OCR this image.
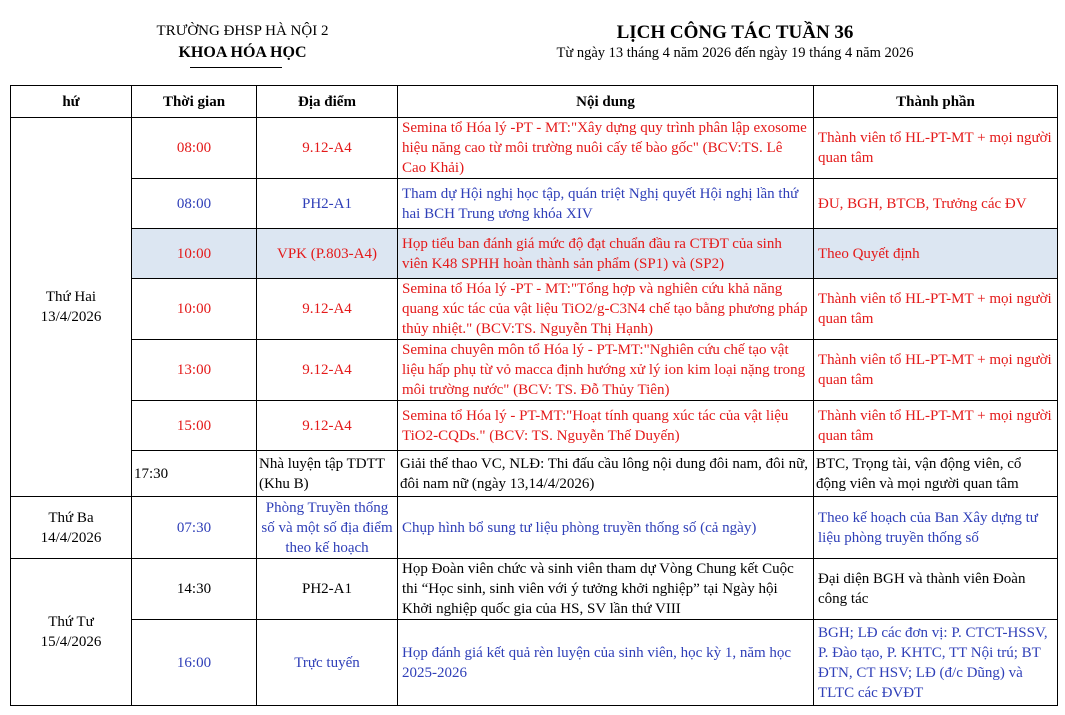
TRƯỜNG ĐHSP HÀ NỘI 2
KHOA HÓA HỌC
LỊCH CÔNG TÁC TUẦN 36
Từ ngày 13 tháng 4 năm 2026 đến ngày 19 tháng 4 năm 2026
hứ	Thời gian	Địa điểm	Nội dung	Thành phần
Thứ Hai
13/4/2026	08:00	9.12-A4	Semina tổ Hóa lý -PT - MT:"Xây dựng quy trình phân lập exosome hiệu năng cao từ môi trường nuôi cấy tế bào gốc" (BCV:TS. Lê Cao Khải)	Thành viên tổ HL-PT-MT + mọi người quan tâm
	08:00	PH2-A1	Tham dự Hội nghị học tập, quán triệt Nghị quyết Hội nghị lần thứ hai BCH Trung ương khóa XIV	ĐU, BGH, BTCB, Trưởng các ĐV
	10:00	VPK (P.803-A4)	Họp tiểu ban đánh giá mức độ đạt chuẩn đầu ra CTĐT của sinh viên K48 SPHH hoàn thành sản phẩm (SP1) và (SP2)	Theo Quyết định
	10:00	9.12-A4	Semina tổ Hóa lý -PT - MT:"Tổng hợp và nghiên cứu khả năng quang xúc tác của vật liệu TiO2/g-C3N4 chế tạo bằng phương pháp thủy nhiệt." (BCV:TS. Nguyễn Thị Hạnh)	Thành viên tổ HL-PT-MT + mọi người quan tâm
	13:00	9.12-A4	Semina chuyên môn tổ Hóa lý - PT-MT:"Nghiên cứu chế tạo vật liệu hấp phụ từ vỏ macca định hướng xử lý ion kim loại nặng trong môi trường nước" (BCV: TS. Đỗ Thủy Tiên)	Thành viên tổ HL-PT-MT + mọi người quan tâm
	15:00	9.12-A4	Semina tổ Hóa lý - PT-MT:"Hoạt tính quang xúc tác của vật liệu TiO2-CQDs." (BCV: TS. Nguyễn Thế Duyến)	Thành viên tổ HL-PT-MT + mọi người quan tâm
	17:30	Nhà luyện tập TDTT (Khu B)	Giải thể thao VC, NLĐ: Thi đấu cầu lông nội dung đôi nam, đôi nữ, đôi nam nữ (ngày 13,14/4/2026)	BTC, Trọng tài, vận động viên, cổ động viên và mọi người quan tâm
Thứ Ba
14/4/2026	07:30	Phòng Truyền thống số và một số địa điểm theo kế hoạch	Chụp hình bổ sung tư liệu phòng truyền thống số (cả ngày)	Theo kế hoạch của Ban Xây dựng tư liệu phòng truyền thống số
Thứ Tư
15/4/2026	14:30	PH2-A1	Họp Đoàn viên chức và sinh viên tham dự Vòng Chung kết Cuộc thi “Học sinh, sinh viên với ý tưởng khởi nghiệp” tại Ngày hội Khởi nghiệp quốc gia của HS, SV lần thứ VIII	Đại diện BGH và thành viên Đoàn công tác
	16:00	Trực tuyến	Họp đánh giá kết quả rèn luyện của sinh viên, học kỳ 1, năm học 2025-2026	BGH; LĐ các đơn vị: P. CTCT-HSSV, P. Đào tạo, P. KHTC, TT Nội trú; BT ĐTN, CT HSV; LĐ (đ/c Dũng) và TLTC các ĐVĐT
